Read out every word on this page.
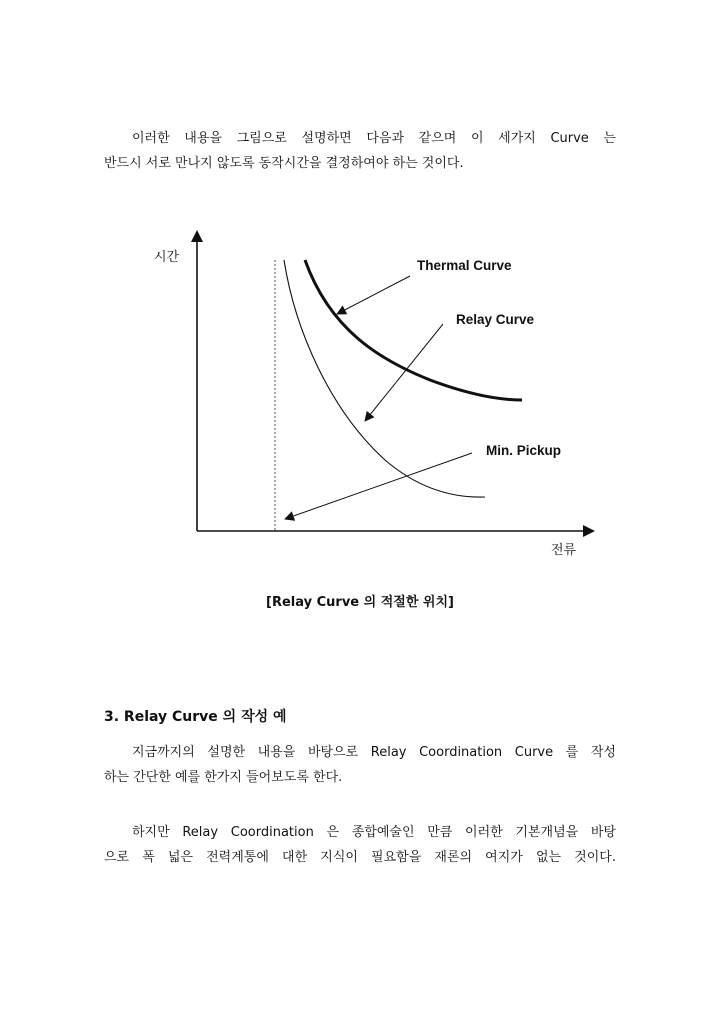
이러한 내용을 그림으로 설명하면 다음과 같으며 이 세가지 Curve 는
반드시 서로 만나지 않도록 동작시간을 결정하여야 하는 것이다.
시간
전류
Thermal Curve
Relay Curve
Min. Pickup
[Relay Curve 의 적절한 위치]
3. Relay Curve 의 작성 예
지금까지의 설명한 내용을 바탕으로 Relay Coordination Curve 를 작성
하는 간단한 예를 한가지 들어보도록 한다.
하지만 Relay Coordination 은 종합예술인 만큼 이러한 기본개념을 바탕
으로 폭 넓은 전력계통에 대한 지식이 필요함을 재론의 여지가 없는 것이다.
